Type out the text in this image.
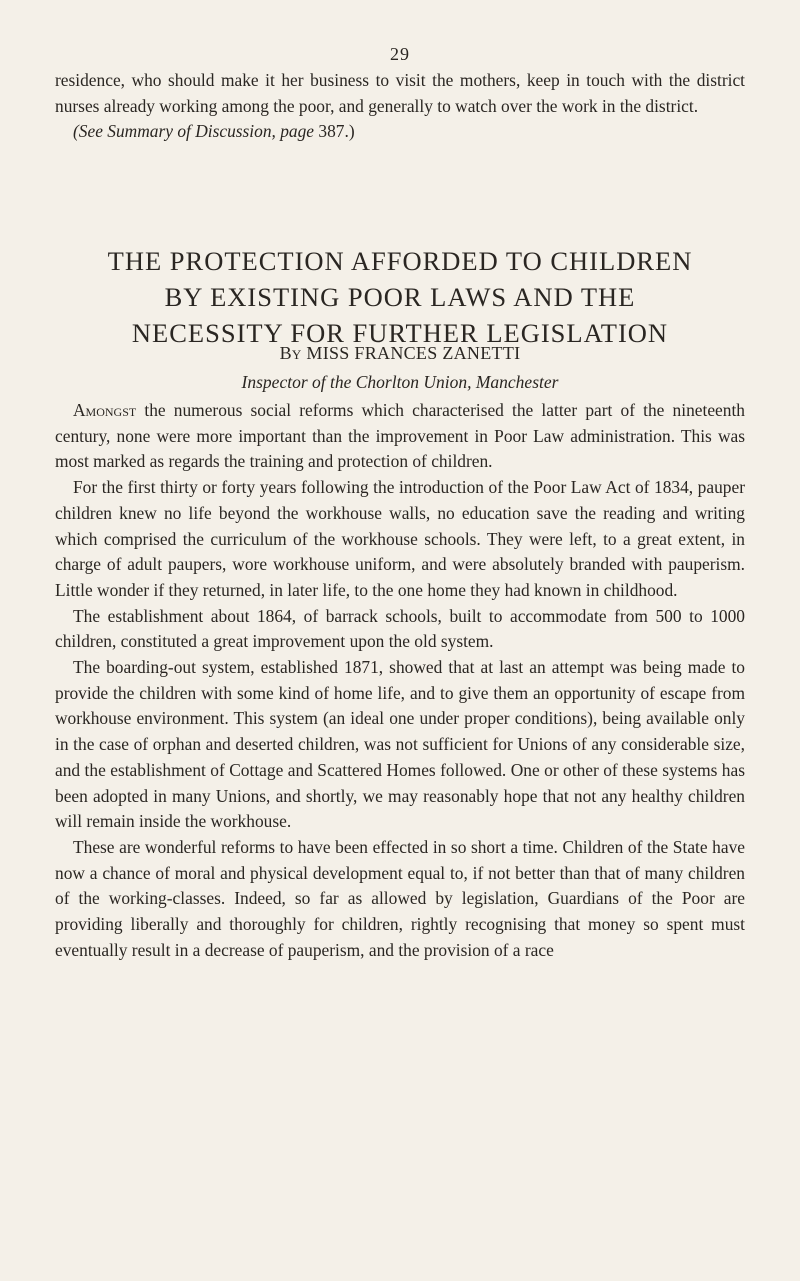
29

residence, who should make it her business to visit the mothers, keep in touch with the district nurses already working among the poor, and generally to watch over the work in the district.

(See Summary of Discussion, page 387.)

THE PROTECTION AFFORDED TO CHILDREN
BY EXISTING POOR LAWS AND THE
NECESSITY FOR FURTHER LEGISLATION
By MISS FRANCES ZANETTI
Inspector of the Chorlton Union, Manchester

Amongst the numerous social reforms which characterised the latter part of the nineteenth century, none were more important than the improvement in Poor Law administration. This was most marked as regards the training and protection of children.

For the first thirty or forty years following the introduction of the Poor Law Act of 1834, pauper children knew no life beyond the workhouse walls, no education save the reading and writing which comprised the curriculum of the workhouse schools. They were left, to a great extent, in charge of adult paupers, wore workhouse uniform, and were absolutely branded with pauperism. Little wonder if they returned, in later life, to the one home they had known in childhood.

The establishment about 1864, of barrack schools, built to accommodate from 500 to 1000 children, constituted a great improvement upon the old system.

The boarding-out system, established 1871, showed that at last an attempt was being made to provide the children with some kind of home life, and to give them an opportunity of escape from workhouse environment. This system (an ideal one under proper conditions), being available only in the case of orphan and deserted children, was not sufficient for Unions of any considerable size, and the establishment of Cottage and Scattered Homes followed. One or other of these systems has been adopted in many Unions, and shortly, we may reasonably hope that not any healthy children will remain inside the workhouse.

These are wonderful reforms to have been effected in so short a time. Children of the State have now a chance of moral and physical development equal to, if not better than that of many children of the working-classes. Indeed, so far as allowed by legislation, Guardians of the Poor are providing liberally and thoroughly for children, rightly recognising that money so spent must eventually result in a decrease of pauperism, and the provision of a race
